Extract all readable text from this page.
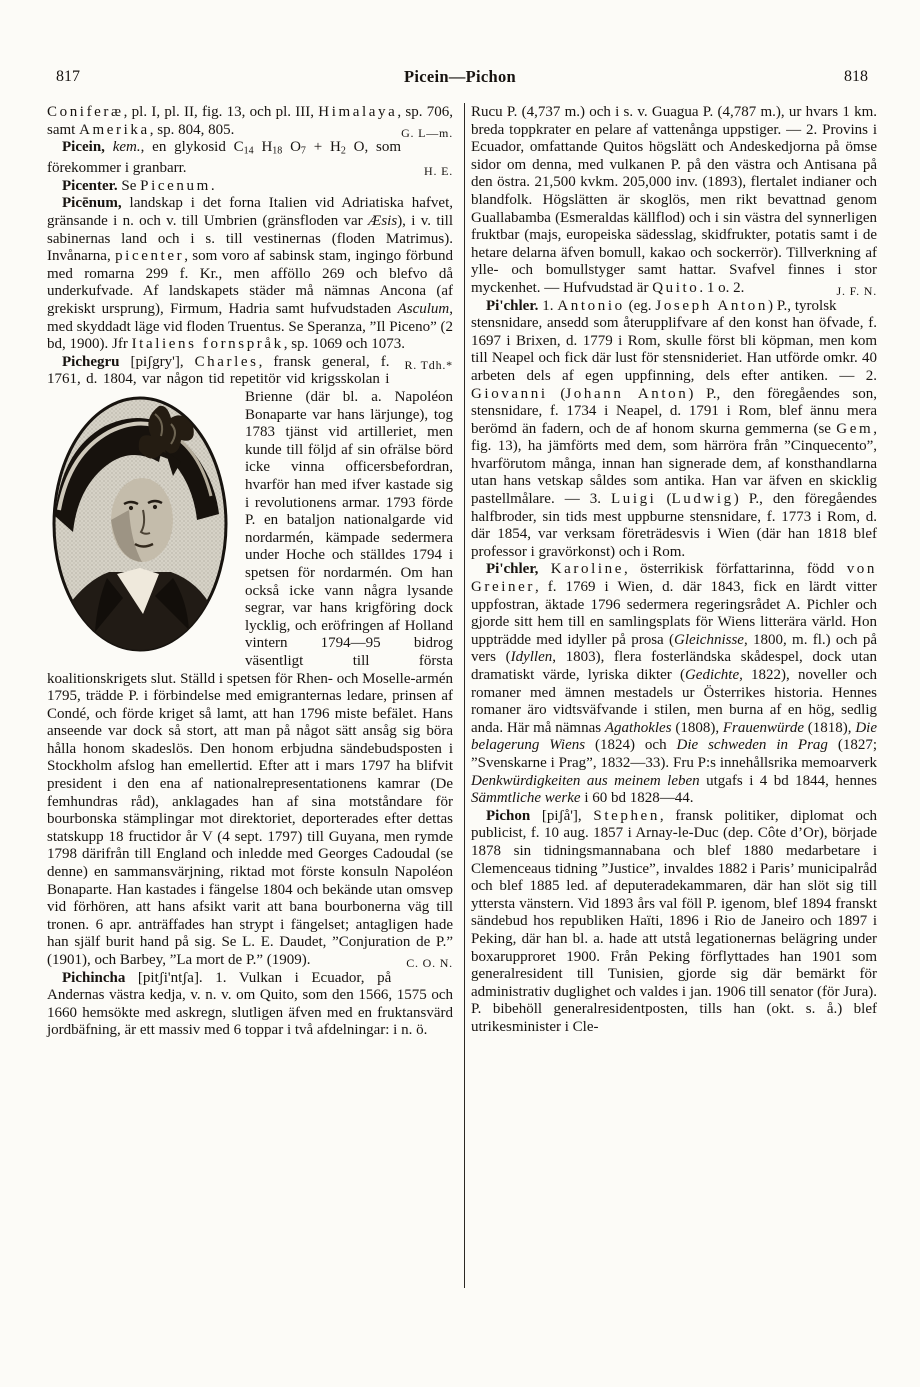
817	Picein—Pichon	818

Coniferæ, pl. I, pl. II, fig. 13, och pl. III, Himalaya, sp. 706, samt Amerika, sp. 804, 805.	G. L—m.

Picein, kem., en glykosid $C_{14}$ $H_{18}$ $O_7 + H_2$ O, som förekommer i granbarr.	H. E.

Picenter. Se Picenum.

Picēnum, landskap i det forna Italien vid Adriatiska hafvet, gränsande i n. och v. till Umbrien (gränsfloden var Æsis), i v. till sabinernas land och i s. till vestinernas (floden Matrimus). Invånarna, picenter, som voro af sabinsk stam, ingingo förbund med romarna 299 f. Kr., men afföllo 269 och blefvo då underkufvade. Af landskapets städer må nämnas Ancona (af grekiskt ursprung), Firmum, Hadria samt hufvudstaden Asculum, med skyddadt läge vid floden Truentus. Se Speranza, ”Il Piceno” (2 bd, 1900). Jfr Italiens fornspråk, sp. 1069 och 1073.
R. Tdh.*

Pichegru [piʃgry'], Charles, fransk general, f. 1761, d. 1804, var någon tid repetitör vid krigsskolan i Brienne (där bl. a. Napoléon
Bonaparte var hans lärjunge), tog 1783 tjänst vid artilleriet, men kunde till följd af sin ofrälse börd icke vinna officersbefordran, hvarför han med ifver kastade sig i revolutionens armar. 1793 förde P. en bataljon nationalgarde vid nordarmén, kämpade sedermera under Hoche och ställdes 1794 i spetsen för nordarmén. Om han också icke vann några lysande segrar, var hans krigföring dock lycklig, och eröfringen af Holland vintern 1794—95 bidrog väsentligt till första koalitionskrigets slut. Ställd i spetsen för Rhen- och Moselle-armén 1795, trädde P. i förbindelse med emigranternas ledare, prinsen af Condé, och förde kriget så lamt, att han 1796 miste befälet. Hans anseende var dock så stort, att man på något sätt ansåg sig böra hålla honom skadeslös. Den honom erbjudna sändebudsposten i Stockholm afslog han emellertid. Efter att i mars 1797 ha blifvit president i den ena af nationalrepresentationens kamrar (De femhundras råd), anklagades han af sina motståndare för bourbonska stämplingar mot direktoriet, deporterades efter dettas statskupp 18 fructidor år V (4 sept. 1797) till Guyana, men rymde 1798 därifrån till England och inledde med Georges Cadoudal (se denne) en sammansvärjning, riktad mot förste konsuln Napoléon Bonaparte. Han kastades i fängelse 1804 och bekände utan omsvep vid förhören, att hans afsikt varit att bana bourbonerna väg till tronen. 6 apr. anträffades han strypt i fängelset; antagligen hade han själf burit hand på sig. Se L. E. Daudet, ”Conjuration de P.” (1901), och Barbey, ”La mort de P.” (1909).	C. O. N.

Pichincha [pitʃi'ntʃa]. 1. Vulkan i Ecuador, på Andernas västra kedja, v. n. v. om Quito, som den 1566, 1575 och 1660 hemsökte med askregn, slutligen äfven med en fruktansvärd jordbäfning, är ett massiv med 6 toppar i två afdelningar: i n. ö.

Rucu P. (4,737 m.) och i s. v. Guagua P. (4,787 m.), ur hvars 1 km. breda toppkrater en pelare af vattenånga uppstiger. — 2. Provins i Ecuador, omfattande Quitos högslätt och Andeskedjorna på ömse sidor om denna, med vulkanen P. på den västra och Antisana på den östra. 21,500 kvkm. 205,000 inv. (1893), flertalet indianer och blandfolk. Högslätten är skoglös, men rikt bevattnad genom Guallabamba (Esmeraldas källflod) och i sin västra del synnerligen fruktbar (majs, europeiska sädesslag, skidfrukter, potatis samt i de hetare delarna äfven bomull, kakao och sockerrör). Tillverkning af ylle- och bomullstyger samt hattar. Svafvel finnes i stor myckenhet. — Hufvudstad är Quito. 1 o. 2.	J. F. N.

Pi'chler. 1. Antonio (eg. Joseph Anton) P., tyrolsk stensnidare, ansedd som återupplifvare af den konst han öfvade, f. 1697 i Brixen, d. 1779 i Rom, skulle först bli köpman, men kom till Neapel och fick där lust för stensnideriet. Han utförde omkr. 40 arbeten dels af egen uppfinning, dels efter antiken. — 2. Giovanni (Johann Anton) P., den föregåendes son, stensnidare, f. 1734 i Neapel, d. 1791 i Rom, blef ännu mera berömd än fadern, och de af honom skurna gemmerna (se Gem, fig. 13), ha jämförts med dem, som härröra från ”Cinquecento”, hvarförutom många, innan han signerade dem, af konsthandlarna utan hans vetskap såldes som antika. Han var äfven en skicklig pastellmålare. — 3. Luigi (Ludwig) P., den föregåendes halfbroder, sin tids mest uppburne stensnidare, f. 1773 i Rom, d. där 1854, var verksam företrädesvis i Wien (där han 1818 blef professor i gravörkonst) och i Rom.

Pi'chler, Karoline, österrikisk författarinna, född von Greiner, f. 1769 i Wien, d. där 1843, fick en lärdt vitter uppfostran, äktade 1796 sedermera regeringsrådet A. Pichler och gjorde sitt hem till en samlingsplats för Wiens litterära värld. Hon uppträdde med idyller på prosa (Gleichnisse, 1800, m. fl.) och på vers (Idyllen, 1803), flera fosterländska skådespel, dock utan dramatiskt värde, lyriska dikter (Gedichte, 1822), noveller och romaner med ämnen mestadels ur Österrikes historia. Hennes romaner äro vidtsväfvande i stilen, men burna af en hög, sedlig anda. Här må nämnas Agathokles (1808), Frauenwürde (1818), Die belagerung Wiens (1824) och Die schweden in Prag (1827; ”Svenskarne i Prag”, 1832—33). Fru P:s innehållsrika memoarverk Denkwürdigkeiten aus meinem leben utgafs i 4 bd 1844, hennes Sämmtliche werke i 60 bd 1828—44.

Pichon [piʃå'], Stephen, fransk politiker, diplomat och publicist, f. 10 aug. 1857 i Arnay-le-Duc (dep. Côte d’Or), började 1878 sin tidningsmannabana och blef 1880 medarbetare i Clemenceaus tidning ”Justice”, invaldes 1882 i Paris’ municipalråd och blef 1885 led. af deputeradekammaren, där han slöt sig till yttersta vänstern. Vid 1893 års val föll P. igenom, blef 1894 franskt sändebud hos republiken Haïti, 1896 i Rio de Janeiro och 1897 i Peking, där han bl. a. hade att utstå legationernas belägring under boxarupproret 1900. Från Peking förflyttades han 1901 som generalresident till Tunisien, gjorde sig där bemärkt för administrativ duglighet och valdes i jan. 1906 till senator (för Jura). P. bibehöll generalresidentposten, tills han (okt. s. å.) blef utrikesminister i Cle-
